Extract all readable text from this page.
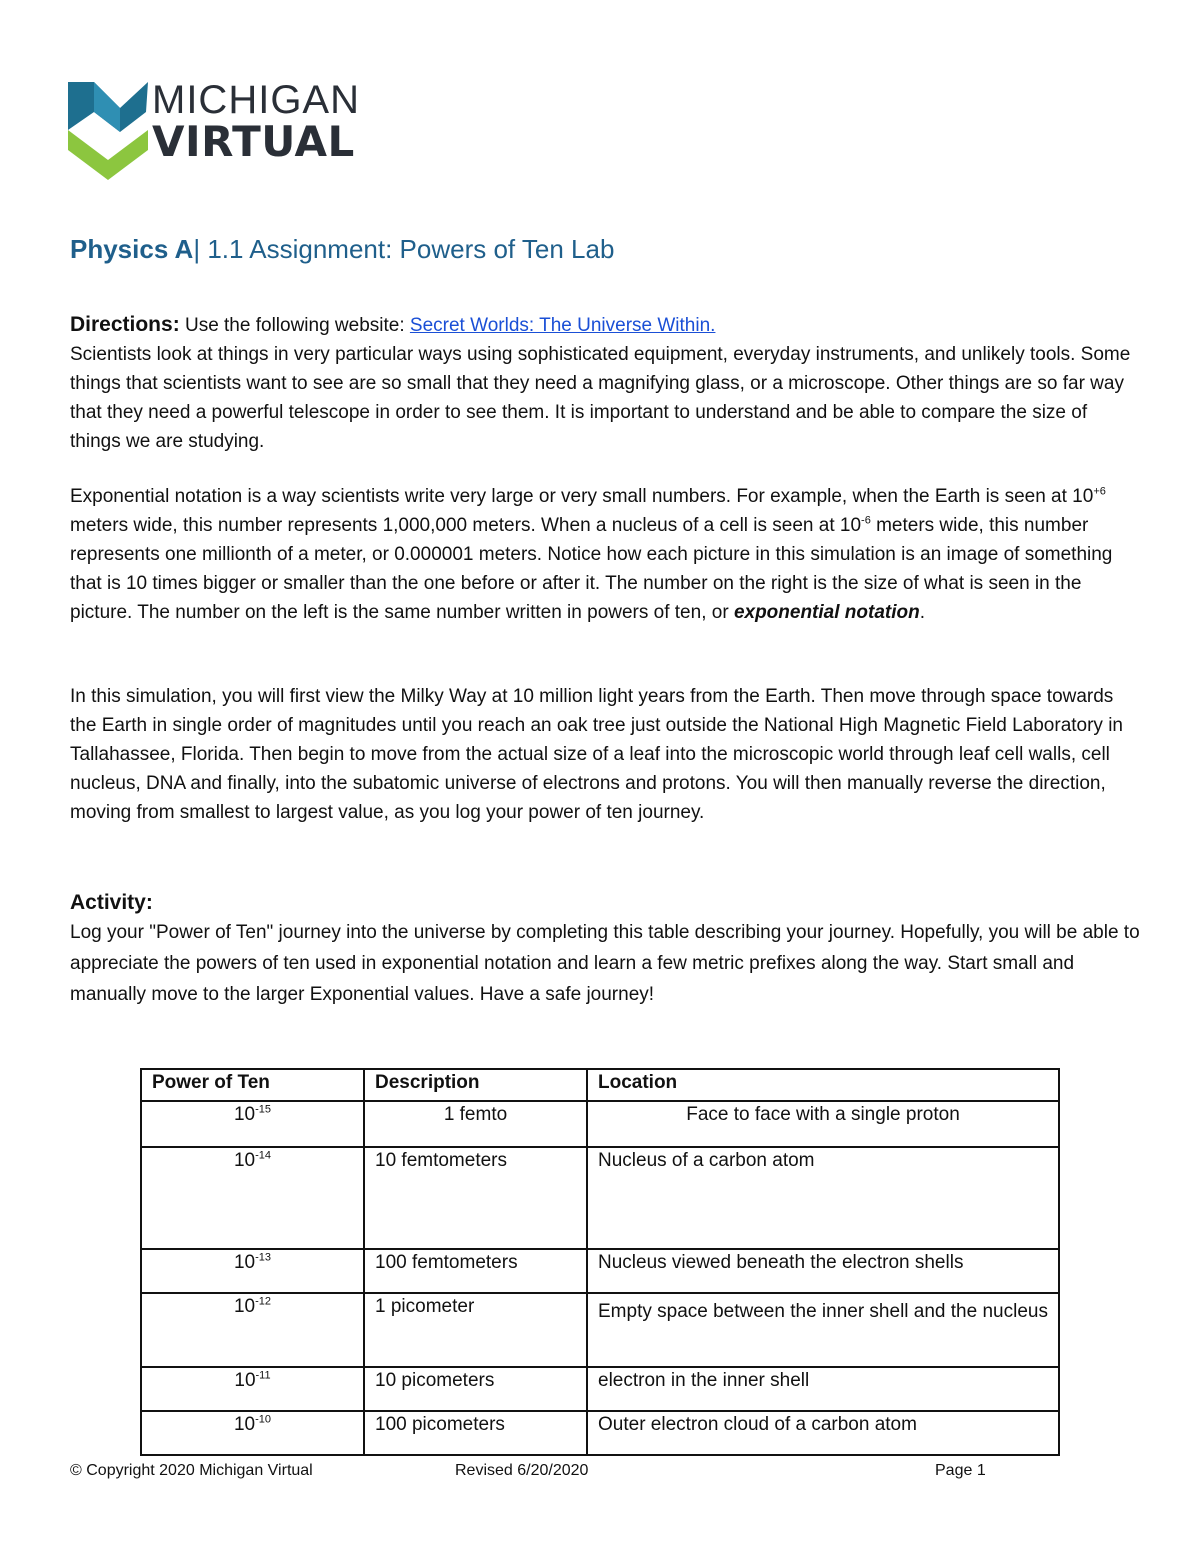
MICHIGAN
VIRTUAL
Physics A| 1.1 Assignment: Powers of Ten Lab

Directions: Use the following website: Secret Worlds: The Universe Within.

Scientists look at things in very particular ways using sophisticated equipment, everyday instruments, and unlikely tools. Some things that scientists want to see are so small that they need a magnifying glass, or a microscope. Other things are so far way that they need a powerful telescope in order to see them. It is important to understand and be able to compare the size of things we are studying.

Exponential notation is a way scientists write very large or very small numbers. For example, when the Earth is seen at $10^{+6}$ meters wide, this number represents 1,000,000 meters. When a nucleus of a cell is seen at $10^{-6}$ meters wide, this number represents one millionth of a meter, or 0.000001 meters. Notice how each picture in this simulation is an image of something that is 10 times bigger or smaller than the one before or after it. The number on the right is the size of what is seen in the picture. The number on the left is the same number written in powers of ten, or exponential notation.

In this simulation, you will first view the Milky Way at 10 million light years from the Earth. Then move through space towards the Earth in single order of magnitudes until you reach an oak tree just outside the National High Magnetic Field Laboratory in Tallahassee, Florida. Then begin to move from the actual size of a leaf into the microscopic world through leaf cell walls, cell nucleus, DNA and finally, into the subatomic universe of electrons and protons. You will then manually reverse the direction, moving from smallest to largest value, as you log your power of ten journey.

Activity:

Log your "Power of Ten" journey into the universe by completing this table describing your journey. Hopefully, you will be able to appreciate the powers of ten used in exponential notation and learn a few metric prefixes along the way. Start small and manually move to the larger Exponential values. Have a safe journey!

Power of Ten	Description	Location
$10^{-15}$	1 femto	Face to face with a single proton
$10^{-14}$	10 femtometers	Nucleus of a carbon atom
$10^{-13}$	100 femtometers	Nucleus viewed beneath the electron shells
$10^{-12}$	1 picometer	Empty space between the inner shell and the nucleus
$10^{-11}$	10 picometers	electron in the inner shell
$10^{-10}$	100 picometers	Outer electron cloud of a carbon atom
© Copyright 2020 Michigan Virtual	Revised 6/20/2020	Page 1
